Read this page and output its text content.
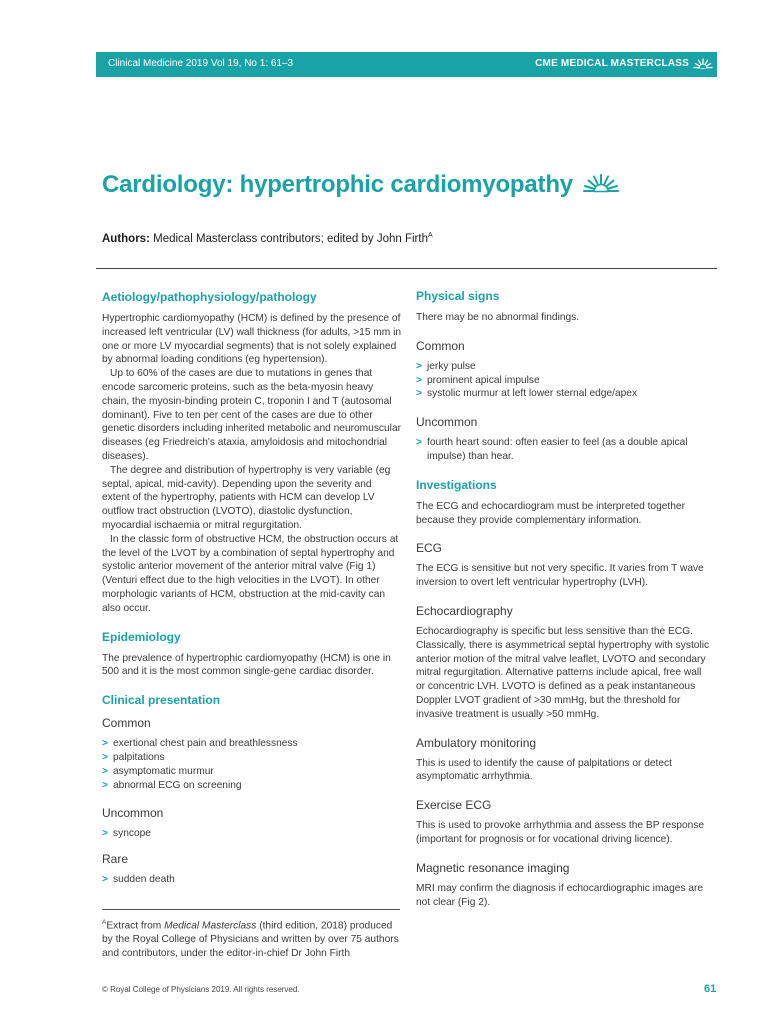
Clinical Medicine 2019 Vol 19, No 1: 61–3	CME MEDICAL MASTERCLASS
Cardiology: hypertrophic cardiomyopathy
Authors: Medical Masterclass contributors; edited by John Firth$^A$
Aetiology/pathophysiology/pathology

Hypertrophic cardiomyopathy (HCM) is defined by the presence of increased left ventricular (LV) wall thickness (for adults, >15 mm in one or more LV myocardial segments) that is not solely explained by abnormal loading conditions (eg hypertension).

Up to 60% of the cases are due to mutations in genes that encode sarcomeric proteins, such as the beta-myosin heavy chain, the myosin-binding protein C, troponin I and T (autosomal dominant). Five to ten per cent of the cases are due to other genetic disorders including inherited metabolic and neuromuscular diseases (eg Friedreich's ataxia, amyloidosis and mitochondrial diseases).

The degree and distribution of hypertrophy is very variable (eg septal, apical, mid-cavity). Depending upon the severity and extent of the hypertrophy, patients with HCM can develop LV outflow tract obstruction (LVOTO), diastolic dysfunction, myocardial ischaemia or mitral regurgitation.

In the classic form of obstructive HCM, the obstruction occurs at the level of the LVOT by a combination of septal hypertrophy and systolic anterior movement of the anterior mitral valve (Fig 1) (Venturi effect due to the high velocities in the LVOT). In other morphologic variants of HCM, obstruction at the mid-cavity can also occur.

Epidemiology

The prevalence of hypertrophic cardiomyopathy (HCM) is one in 500 and it is the most common single-gene cardiac disorder.

Clinical presentation
Common
> exertional chest pain and breathlessness
> palpitations
> asymptomatic murmur
> abnormal ECG on screening
Uncommon
> syncope
Rare
> sudden death
$^A$Extract from Medical Masterclass (third edition, 2018) produced by the Royal College of Physicians and written by over 75 authors and contributors, under the editor-in-chief Dr John Firth
Physical signs

There may be no abnormal findings.

Common
> jerky pulse
> prominent apical impulse
> systolic murmur at left lower sternal edge/apex
Uncommon
> fourth heart sound: often easier to feel (as a double apical impulse) than hear.
Investigations

The ECG and echocardiogram must be interpreted together because they provide complementary information.

ECG

The ECG is sensitive but not very specific. It varies from T wave inversion to overt left ventricular hypertrophy (LVH).

Echocardiography

Echocardiography is specific but less sensitive than the ECG. Classically, there is asymmetrical septal hypertrophy with systolic anterior motion of the mitral valve leaflet, LVOTO and secondary mitral regurgitation. Alternative patterns include apical, free wall or concentric LVH. LVOTO is defined as a peak instantaneous Doppler LVOT gradient of >30 mmHg, but the threshold for invasive treatment is usually >50 mmHg.

Ambulatory monitoring

This is used to identify the cause of palpitations or detect asymptomatic arrhythmia.

Exercise ECG

This is used to provoke arrhythmia and assess the BP response (important for prognosis or for vocational driving licence).

Magnetic resonance imaging

MRI may confirm the diagnosis if echocardiographic images are not clear (Fig 2).

© Royal College of Physicians 2019. All rights reserved.	61
